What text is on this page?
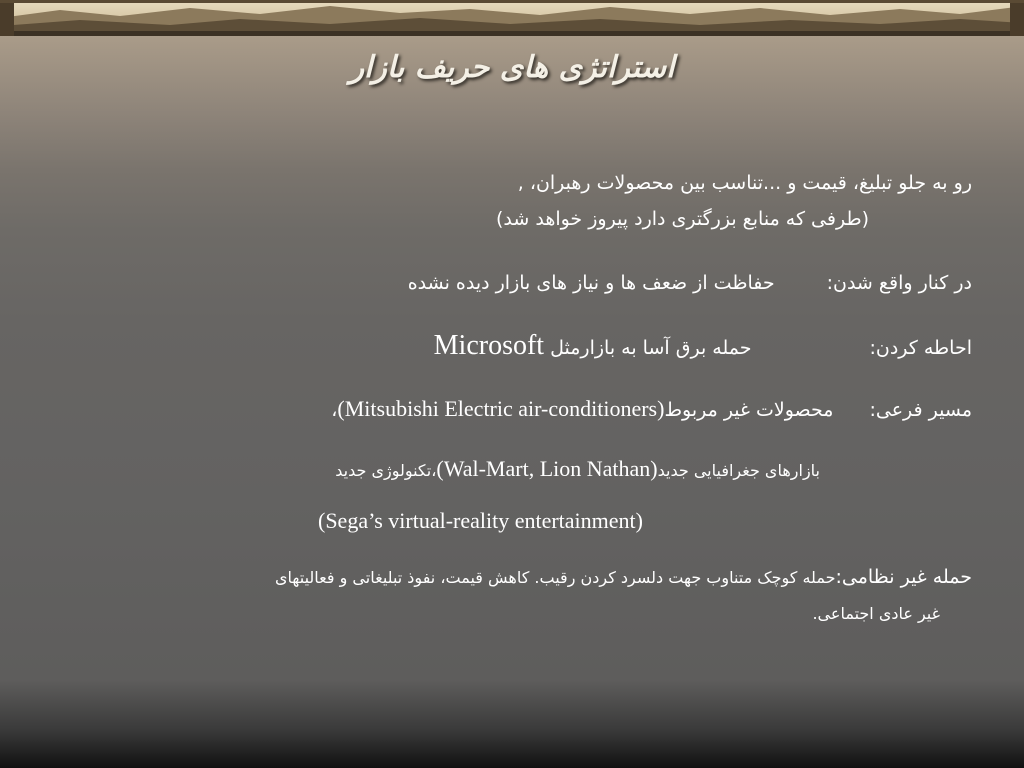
استراتژی های حریف بازار
رو به جلو تبلیغ، قیمت و ...تناسب بین محصولات رهبران، ,
(طرفی که منابع بزرگتری دارد پیروز خواهد شد)
در کنار واقع شدن:حفاظت از ضعف ها و نیاز های بازار دیده نشده
احاطه کردن:حمله برق آسا به بازارمثل Microsoft
مسیر فرعی:محصولات غیر مربوط(Mitsubishi Electric air-conditioners)،
بازارهای جغرافیایی جدید(Wal-Mart, Lion Nathan)،تکنولوژی جدید
(Sega’s virtual-reality entertainment)
حمله غیر نظامی:حمله کوچک متناوب جهت دلسرد کردن رقیب. کاهش قیمت، نفوذ تبلیغاتی و فعالیتهای
غیر عادی اجتماعی.
